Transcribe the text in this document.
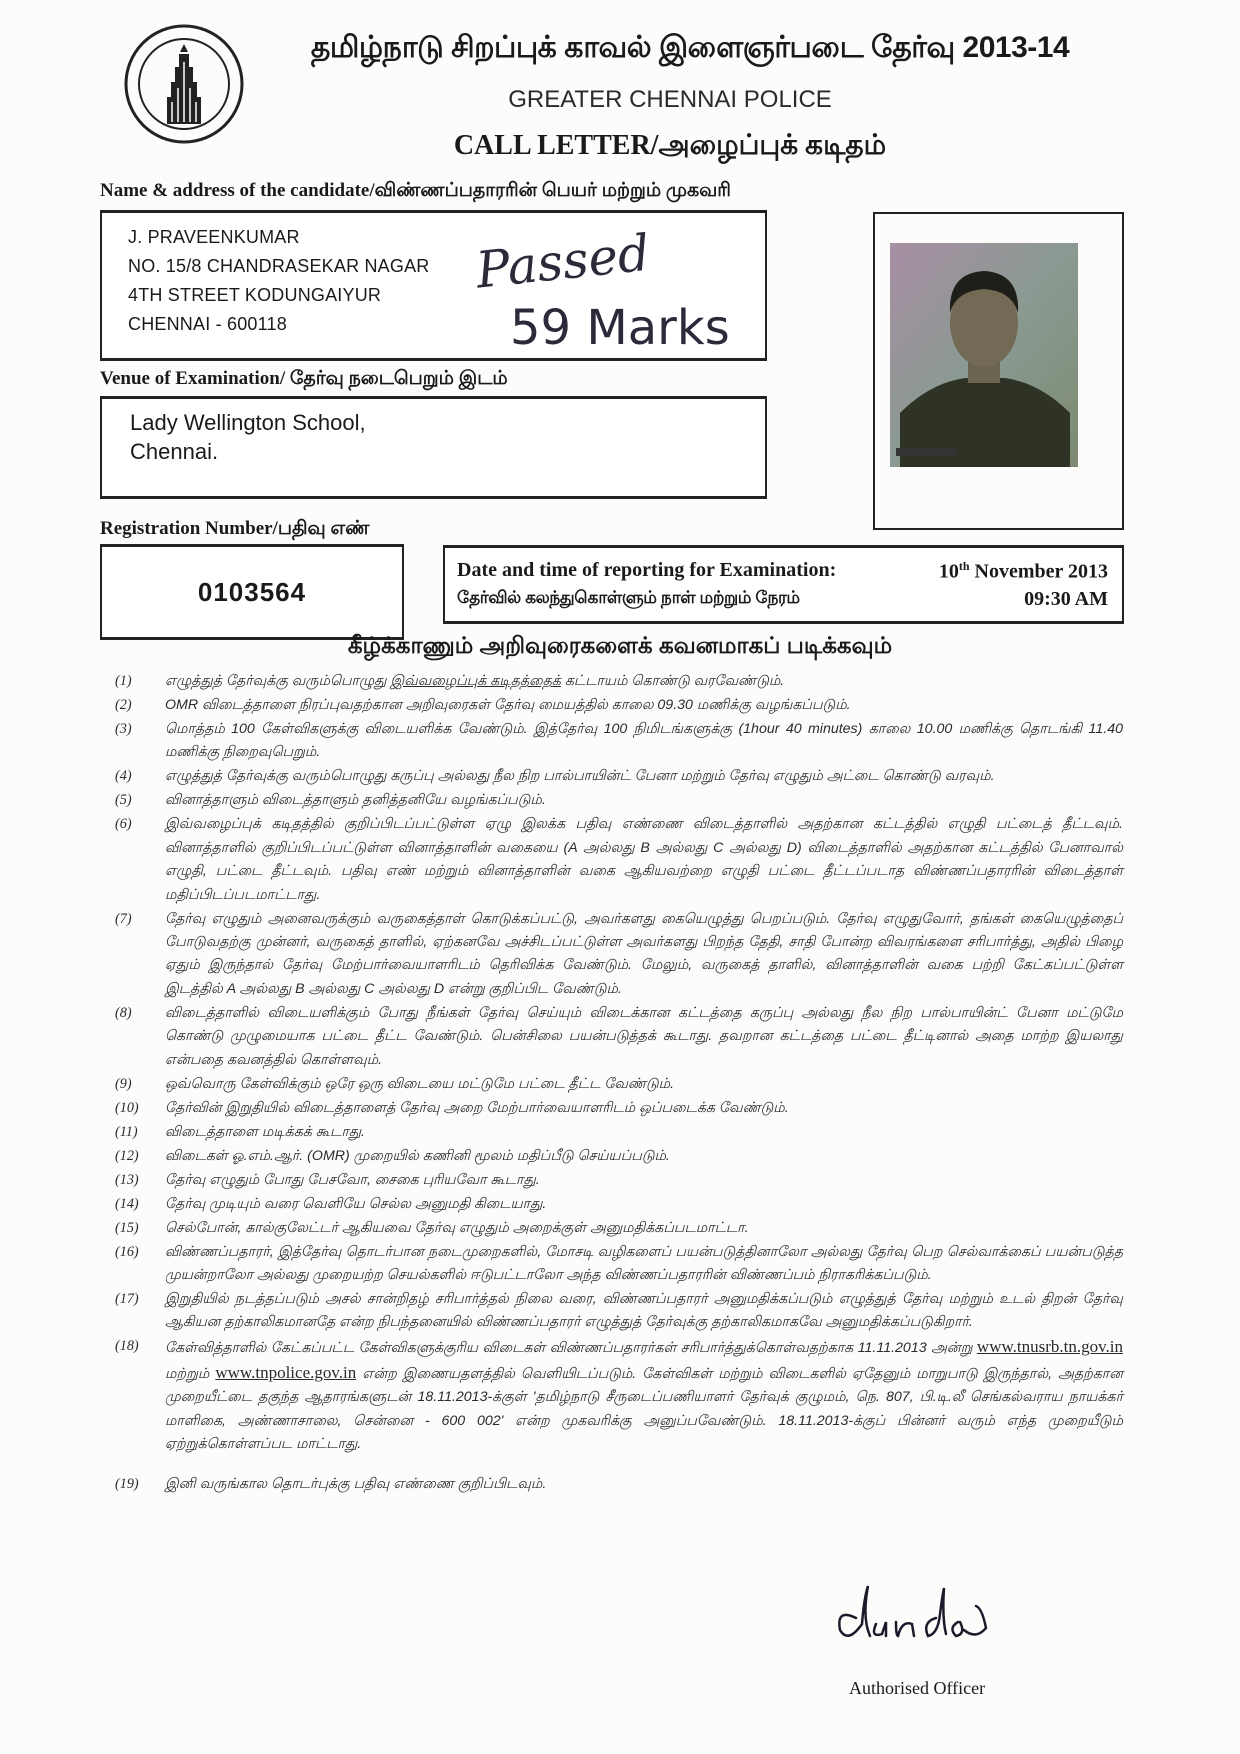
தமிழ்நாடு சிறப்புக் காவல் இளைஞர்படை தேர்வு 2013-14
GREATER CHENNAI POLICE
CALL LETTER/அழைப்புக் கடிதம்
Name & address of the candidate/விண்ணப்பதாரரின் பெயர் மற்றும் முகவரி
J. PRAVEENKUMAR
NO. 15/8 CHANDRASEKAR NAGAR
4TH STREET KODUNGAIYUR
CHENNAI - 600118
Passed
59 Marks
Venue of Examination/ தேர்வு நடைபெறும் இடம்
Lady Wellington School,
Chennai.
Registration Number/பதிவு எண்
0103564
Date and time of reporting for Examination:
தேர்வில் கலந்துகொள்ளும் நாள் மற்றும் நேரம்
10th November 2013
09:30 AM
கீழ்க்காணும் அறிவுரைகளைக் கவனமாகப் படிக்கவும்
(1)	எழுத்துத் தேர்வுக்கு வரும்பொழுது இவ்வழைப்புக் கடிதத்தைக் கட்டாயம் கொண்டு வரவேண்டும்.
(2)	OMR விடைத்தாளை நிரப்புவதற்கான அறிவுரைகள் தேர்வு மையத்தில் காலை 09.30 மணிக்கு வழங்கப்படும்.
(3)	மொத்தம் 100 கேள்விகளுக்கு விடையளிக்க வேண்டும். இத்தேர்வு 100 நிமிடங்களுக்கு (1hour 40 minutes) காலை 10.00 மணிக்கு தொடங்கி 11.40 மணிக்கு நிறைவுபெறும்.
(4)	எழுத்துத் தேர்வுக்கு வரும்பொழுது கருப்பு அல்லது நீல நிற பால்பாயின்ட் பேனா மற்றும் தேர்வு எழுதும் அட்டை கொண்டு வரவும்.
(5)	வினாத்தாளும் விடைத்தாளும் தனித்தனியே வழங்கப்படும்.
(6)	இவ்வழைப்புக் கடிதத்தில் குறிப்பிடப்பட்டுள்ள ஏழு இலக்க பதிவு எண்ணை விடைத்தாளில் அதற்கான கட்டத்தில் எழுதி பட்டைத் தீட்டவும். வினாத்தாளில் குறிப்பிடப்பட்டுள்ள வினாத்தாளின் வகையை (A அல்லது B அல்லது C அல்லது D) விடைத்தாளில் அதற்கான கட்டத்தில் பேனாவால் எழுதி, பட்டை தீட்டவும். பதிவு எண் மற்றும் வினாத்தாளின் வகை ஆகியவற்றை எழுதி பட்டை தீட்டப்படாத விண்ணப்பதாரரின் விடைத்தாள் மதிப்பிடப்படமாட்டாது.
(7)	தேர்வு எழுதும் அனைவருக்கும் வருகைத்தாள் கொடுக்கப்பட்டு, அவர்களது கையெழுத்து பெறப்படும். தேர்வு எழுதுவோர், தங்கள் கையெழுத்தைப் போடுவதற்கு முன்னர், வருகைத் தாளில், ஏற்கனவே அச்சிடப்பட்டுள்ள அவர்களது பிறந்த தேதி, சாதி போன்ற விவரங்களை சரிபார்த்து, அதில் பிழை ஏதும் இருந்தால் தேர்வு மேற்பார்வையாளரிடம் தெரிவிக்க வேண்டும். மேலும், வருகைத் தாளில், வினாத்தாளின் வகை பற்றி கேட்கப்பட்டுள்ள இடத்தில் A அல்லது B அல்லது C அல்லது D என்று குறிப்பிட வேண்டும்.
(8)	விடைத்தாளில் விடையளிக்கும் போது நீங்கள் தேர்வு செய்யும் விடைக்கான கட்டத்தை கருப்பு அல்லது நீல நிற பால்பாயின்ட் பேனா மட்டுமே கொண்டு முழுமையாக பட்டை தீட்ட வேண்டும். பென்சிலை பயன்படுத்தக் கூடாது. தவறான கட்டத்தை பட்டை தீட்டினால் அதை மாற்ற இயலாது என்பதை கவனத்தில் கொள்ளவும்.
(9)	ஒவ்வொரு கேள்விக்கும் ஒரே ஒரு விடையை மட்டுமே பட்டை தீட்ட வேண்டும்.
(10)	தேர்வின் இறுதியில் விடைத்தாளைத் தேர்வு அறை மேற்பார்வையாளரிடம் ஒப்படைக்க வேண்டும்.
(11)	விடைத்தாளை மடிக்கக் கூடாது.
(12)	விடைகள் ஓ.எம்.ஆர். (OMR) முறையில் கணினி மூலம் மதிப்பீடு செய்யப்படும்.
(13)	தேர்வு எழுதும் போது பேசவோ, சைகை புரியவோ கூடாது.
(14)	தேர்வு முடியும் வரை வெளியே செல்ல அனுமதி கிடையாது.
(15)	செல்போன், கால்குலேட்டர் ஆகியவை தேர்வு எழுதும் அறைக்குள் அனுமதிக்கப்படமாட்டா.
(16)	விண்ணப்பதாரர், இத்தேர்வு தொடர்பான நடைமுறைகளில், மோசடி வழிகளைப் பயன்படுத்தினாலோ அல்லது தேர்வு பெற செல்வாக்கைப் பயன்படுத்த முயன்றாலோ அல்லது முறையற்ற செயல்களில் ஈடுபட்டாலோ அந்த விண்ணப்பதாரரின் விண்ணப்பம் நிராகரிக்கப்படும்.
(17)	இறுதியில் நடத்தப்படும் அசல் சான்றிதழ் சரிபார்த்தல் நிலை வரை, விண்ணப்பதாரர் அனுமதிக்கப்படும் எழுத்துத் தேர்வு மற்றும் உடல் திறன் தேர்வு ஆகியன தற்காலிகமானதே என்ற நிபந்தனையில் விண்ணப்பதாரர் எழுத்துத் தேர்வுக்கு தற்காலிகமாகவே அனுமதிக்கப்படுகிறார்.
(18)	கேள்வித்தாளில் கேட்கப்பட்ட கேள்விகளுக்குரிய விடைகள் விண்ணப்பதாரர்கள் சரிபார்த்துக்கொள்வதற்காக 11.11.2013 அன்று www.tnusrb.tn.gov.in மற்றும் www.tnpolice.gov.in என்ற இணையதளத்தில் வெளியிடப்படும். கேள்விகள் மற்றும் விடைகளில் ஏதேனும் மாறுபாடு இருந்தால், அதற்கான முறையீட்டை தகுந்த ஆதாரங்களுடன் 18.11.2013-க்குள் 'தமிழ்நாடு சீருடைப்பணியாளர் தேர்வுக் குழுமம், நெ. 807, பி.டி.லீ செங்கல்வராய நாயக்கர் மாளிகை, அண்ணாசாலை, சென்னை - 600 002' என்ற முகவரிக்கு அனுப்பவேண்டும். 18.11.2013-க்குப் பின்னர் வரும் எந்த முறையீடும் ஏற்றுக்கொள்ளப்பட மாட்டாது.
(19)	இனி வருங்கால தொடர்புக்கு பதிவு எண்ணை குறிப்பிடவும்.
Authorised Officer
